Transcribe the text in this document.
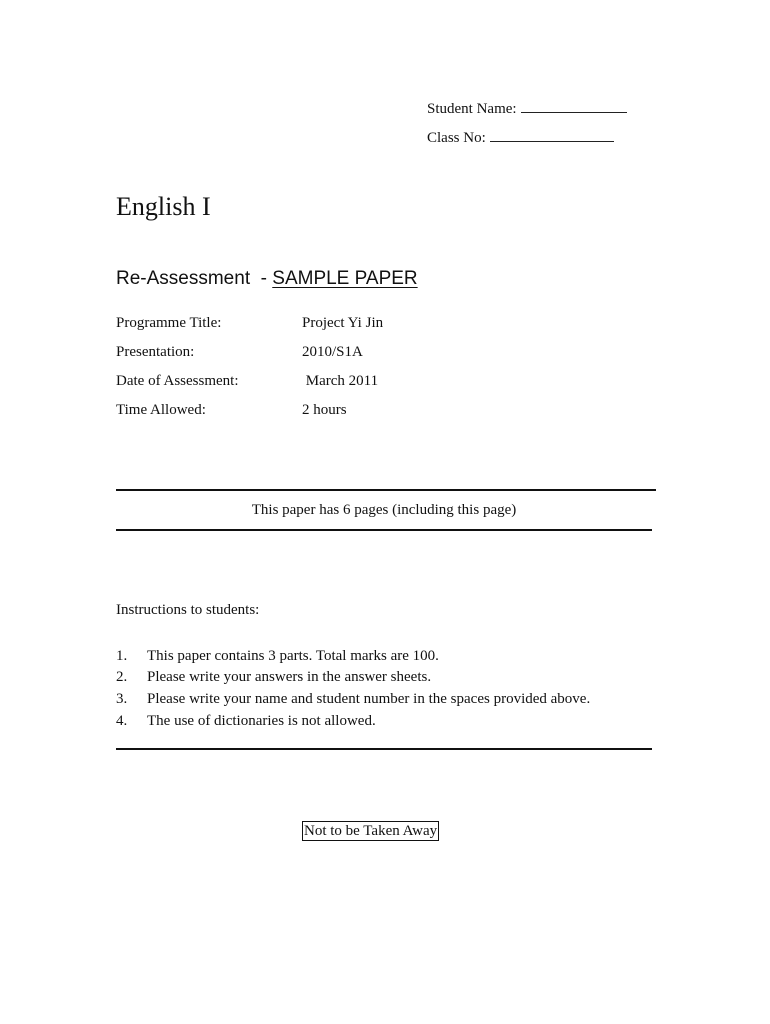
Student Name:
Class No:
English I
Re-Assessment  - SAMPLE PAPER
Programme Title:	Project Yi Jin
Presentation:	2010/S1A
Date of Assessment:	March 2011
Time Allowed:	2 hours
This paper has 6 pages (including this page)
Instructions to students:
1. This paper contains 3 parts. Total marks are 100.
2. Please write your answers in the answer sheets.
3. Please write your name and student number in the spaces provided above.
4. The use of dictionaries is not allowed.
Not to be Taken Away
